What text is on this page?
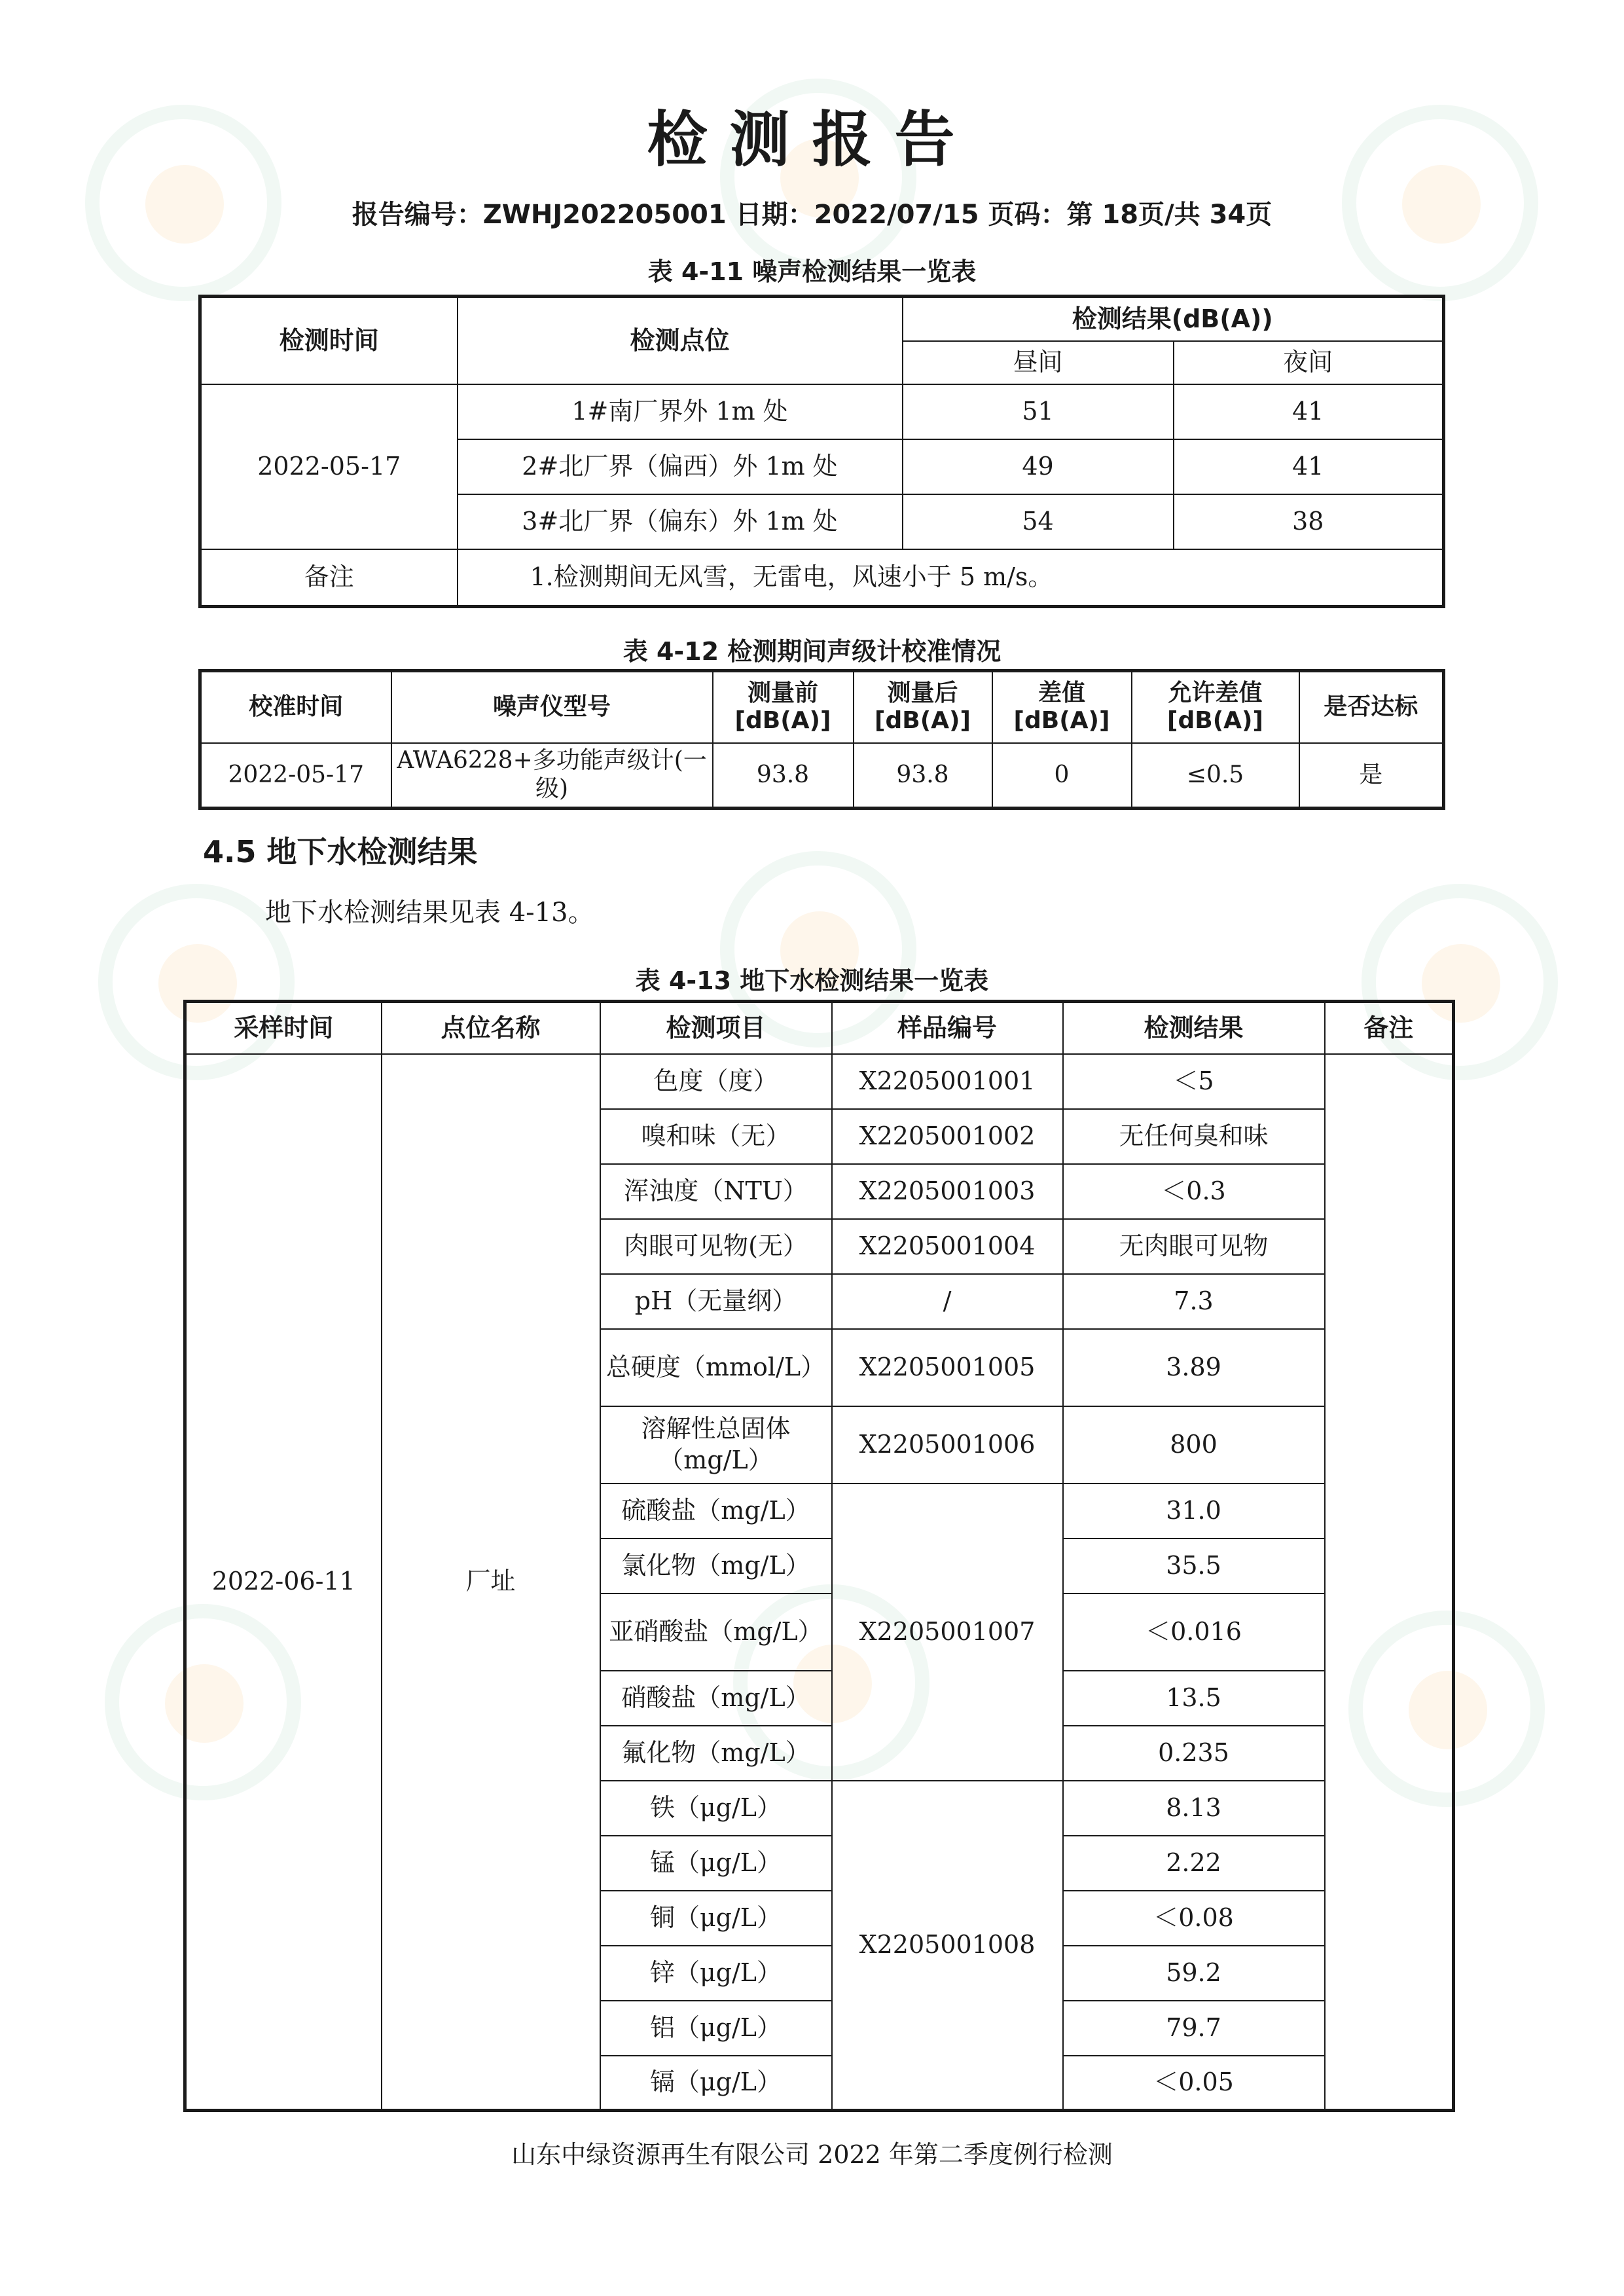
检测报告
报告编号：ZWHJ202205001 日期：2022/07/15 页码：第 18页/共 34页
表 4-11 噪声检测结果一览表
检测时间	检测点位	检测结果(dB(A))	
		昼间	夜间
2022-05-17	1#南厂界外 1m 处	51	41
	2#北厂界（偏西）外 1m 处	49	41
	3#北厂界（偏东）外 1m 处	54	38
备注	1.检测期间无风雪，无雷电，风速小于 5 m/s。		
表 4-12 检测期间声级计校准情况
校准时间	噪声仪型号	测量前 [dB(A)]	测量后 [dB(A)]	差值 [dB(A)]	允许差值 [dB(A)]	是否达标
2022-05-17	AWA6228+多功能声级计(一级)	93.8	93.8	0	≤0.5	是
4.5 地下水检测结果
地下水检测结果见表 4-13。
表 4-13 地下水检测结果一览表
采样时间	点位名称	检测项目	样品编号	检测结果	备注
2022-06-11	厂址	色度（度）	X2205001001	＜5	
		嗅和味（无）	X2205001002	无任何臭和味	
		浑浊度（NTU）	X2205001003	＜0.3	
		肉眼可见物(无）	X2205001004	无肉眼可见物	
		pH（无量纲）	/	7.3	
		总硬度（mmol/L）	X2205001005	3.89	
		溶解性总固体（mg/L）	X2205001006	800	
		硫酸盐（mg/L）	X2205001007	31.0	
		氯化物（mg/L）		35.5	
		亚硝酸盐（mg/L）		＜0.016	
		硝酸盐（mg/L）		13.5	
		氟化物（mg/L）		0.235	
		铁（μg/L）	X2205001008	8.13	
		锰（μg/L）		2.22	
		铜（μg/L）		＜0.08	
		锌（μg/L）		59.2	
		铝（μg/L）		79.7	
		镉（μg/L）		＜0.05	
山东中绿资源再生有限公司 2022 年第二季度例行检测
